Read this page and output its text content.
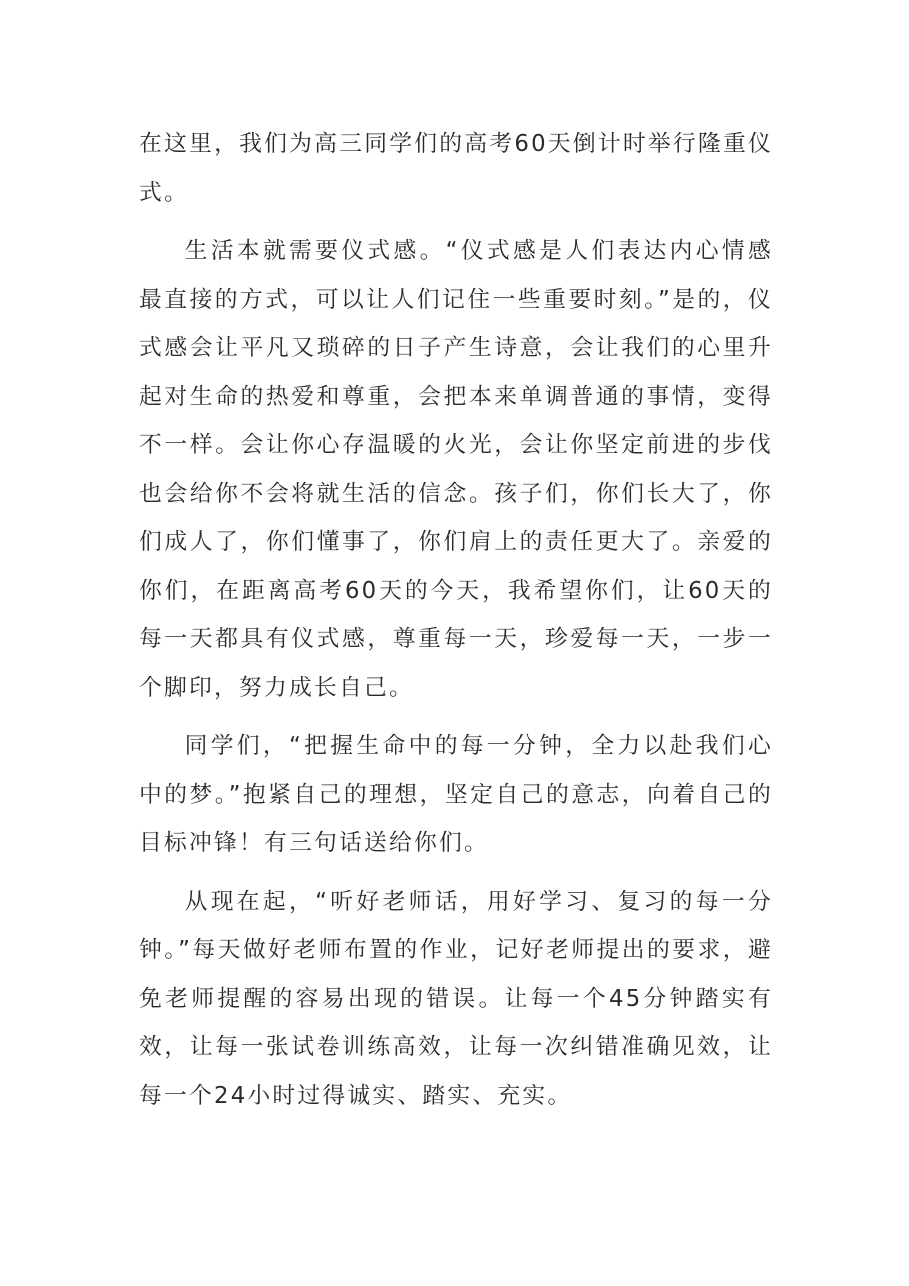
在这里，我们为高三同学们的高考60天倒计时举行隆重仪式。

生活本就需要仪式感。“仪式感是人们表达内心情感最直接的方式，可以让人们记住一些重要时刻。”是的，仪式感会让平凡又琐碎的日子产生诗意，会让我们的心里升起对生命的热爱和尊重，会把本来单调普通的事情，变得不一样。会让你心存温暖的火光，会让你坚定前进的步伐也会给你不会将就生活的信念。孩子们，你们长大了，你们成人了，你们懂事了，你们肩上的责任更大了。亲爱的你们，在距离高考60天的今天，我希望你们，让60天的每一天都具有仪式感，尊重每一天，珍爱每一天，一步一个脚印，努力成长自己。

同学们，“把握生命中的每一分钟，全力以赴我们心中的梦。”抱紧自己的理想，坚定自己的意志，向着自己的目标冲锋！有三句话送给你们。

从现在起，“听好老师话，用好学习、复习的每一分钟。”每天做好老师布置的作业，记好老师提出的要求，避免老师提醒的容易出现的错误。让每一个45分钟踏实有效，让每一张试卷训练高效，让每一次纠错准确见效，让每一个24小时过得诚实、踏实、充实。
